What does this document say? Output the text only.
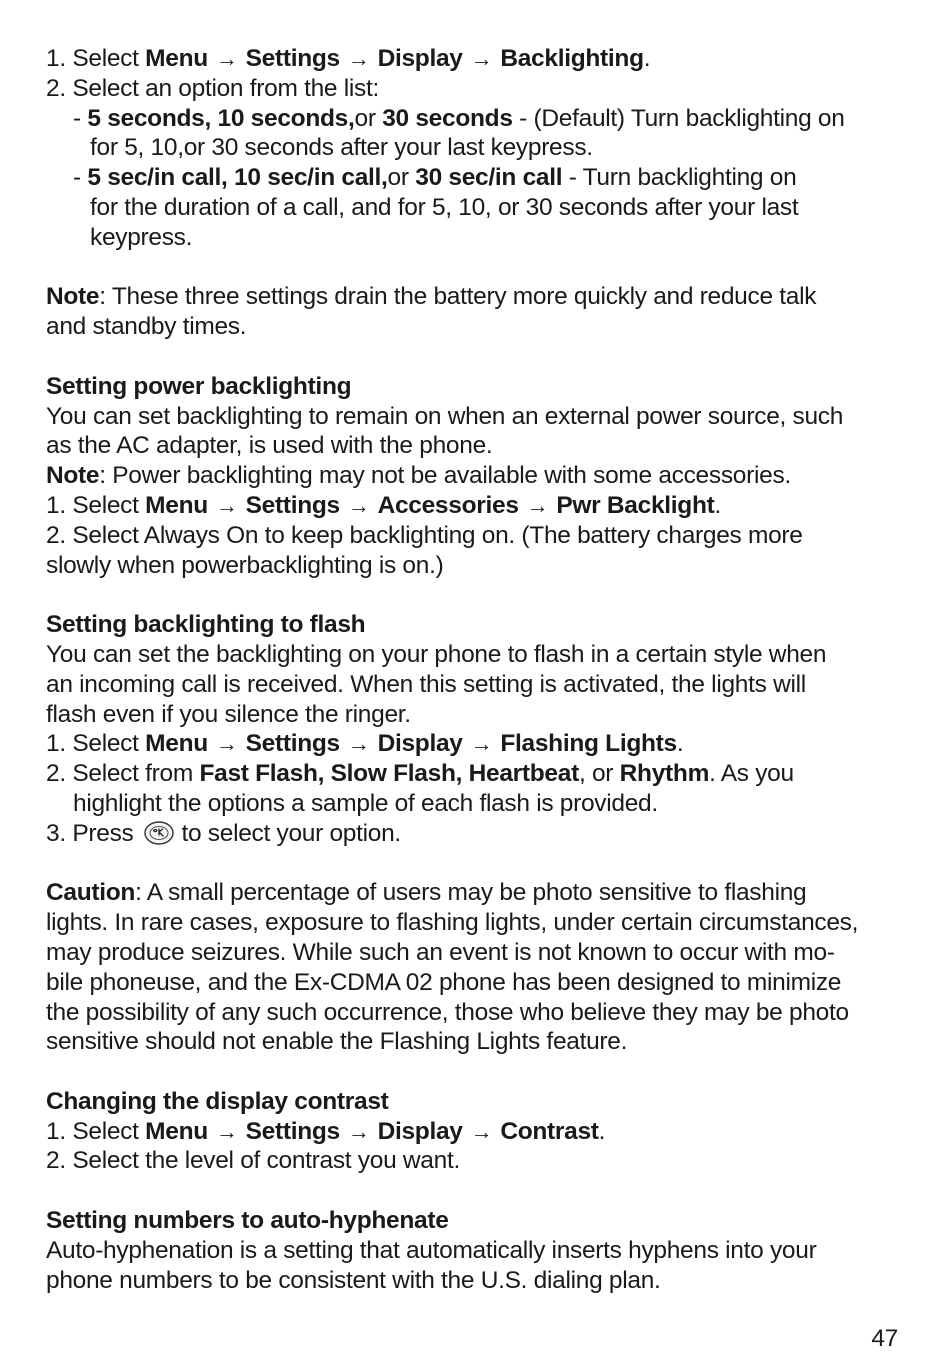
1. Select Menu → Settings → Display → Backlighting.
2. Select an option from the list:
- 5 seconds, 10 seconds,or 30 seconds - (Default) Turn backlighting on
for 5, 10,or 30 seconds after your last keypress.
- 5 sec/in call, 10 sec/in call,or 30 sec/in call - Turn backlighting on
for the duration of a call, and for 5, 10, or 30 seconds after your last
keypress.
Note: These three settings drain the battery more quickly and reduce talk
and standby times.
Setting power backlighting
You can set backlighting to remain on when an external power source, such
as the AC adapter, is used with the phone.
Note: Power backlighting may not be available with some accessories.
1. Select Menu → Settings → Accessories → Pwr Backlight.
2. Select Always On to keep backlighting on. (The battery charges more
slowly when powerbacklighting is on.)
Setting backlighting to flash
You can set the backlighting on your phone to flash in a certain style when
an incoming call is received. When this setting is activated, the lights will
flash even if you silence the ringer.
1. Select Menu → Settings → Display → Flashing Lights.
2. Select from Fast Flash, Slow Flash, Heartbeat, or Rhythm. As you
highlight the options a sample of each flash is provided.
3. Press to select your option.
Caution: A small percentage of users may be photo sensitive to flashing
lights. In rare cases, exposure to flashing lights, under certain circumstances,
may produce seizures. While such an event is not known to occur with mo-
bile phoneuse, and the Ex-CDMA 02 phone has been designed to minimize
the possibility of any such occurrence, those who believe they may be photo
sensitive should not enable the Flashing Lights feature.
Changing the display contrast
1. Select Menu → Settings → Display → Contrast.
2. Select the level of contrast you want.
Setting numbers to auto-hyphenate
Auto-hyphenation is a setting that automatically inserts hyphens into your
phone numbers to be consistent with the U.S. dialing plan.
47
